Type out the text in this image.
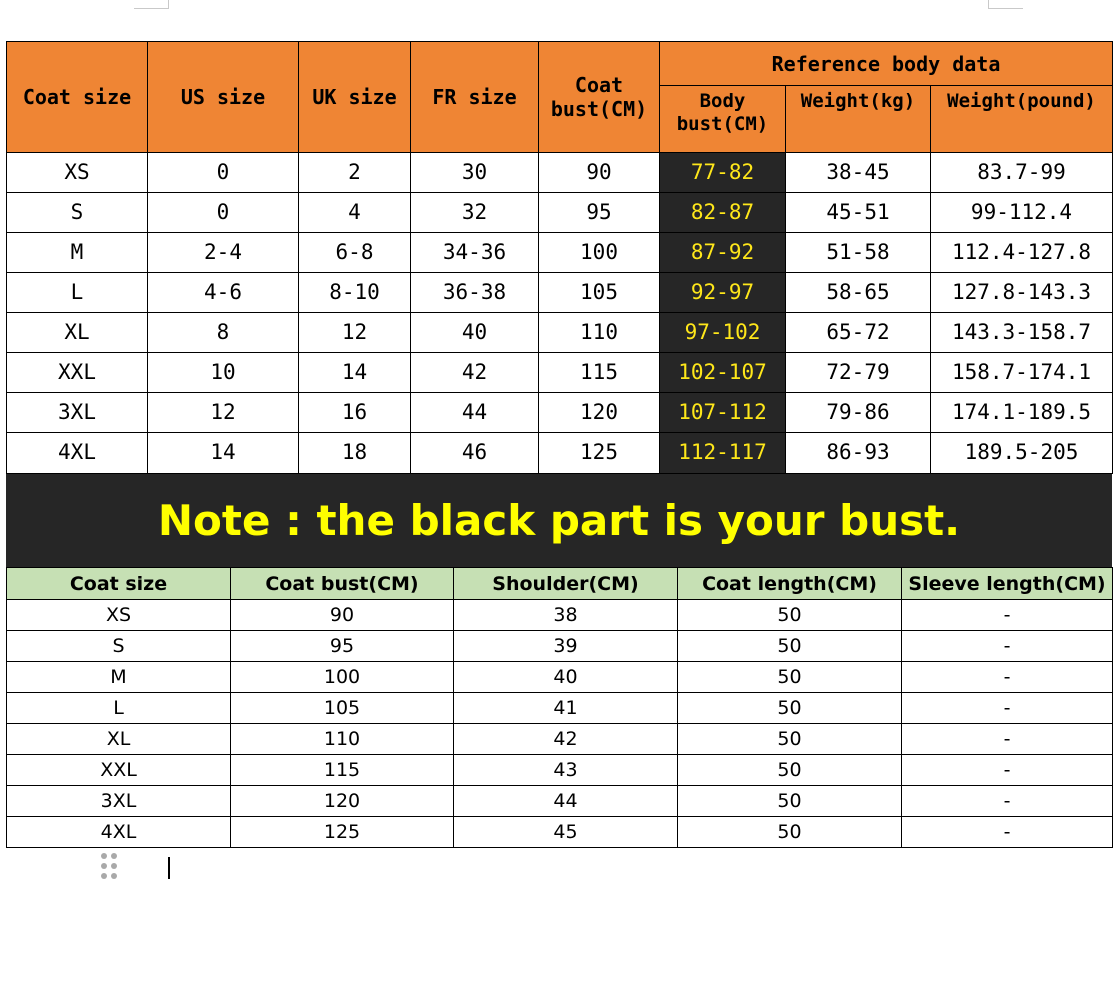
Coat size	US size	UK size	FR size	Coat bust(CM)	Reference body data		
					Body bust(CM)	Weight(kg)	Weight(pound)
XS	0	2	30	90	77-82	38-45	83.7-99
S	0	4	32	95	82-87	45-51	99-112.4
M	2-4	6-8	34-36	100	87-92	51-58	112.4-127.8
L	4-6	8-10	36-38	105	92-97	58-65	127.8-143.3
XL	8	12	40	110	97-102	65-72	143.3-158.7
XXL	10	14	42	115	102-107	72-79	158.7-174.1
3XL	12	16	44	120	107-112	79-86	174.1-189.5
4XL	14	18	46	125	112-117	86-93	189.5-205
Note : the black part is your bust.
Coat size	Coat bust(CM)	Shoulder(CM)	Coat length(CM)	Sleeve length(CM)
XS	90	38	50	-
S	95	39	50	-
M	100	40	50	-
L	105	41	50	-
XL	110	42	50	-
XXL	115	43	50	-
3XL	120	44	50	-
4XL	125	45	50	-
